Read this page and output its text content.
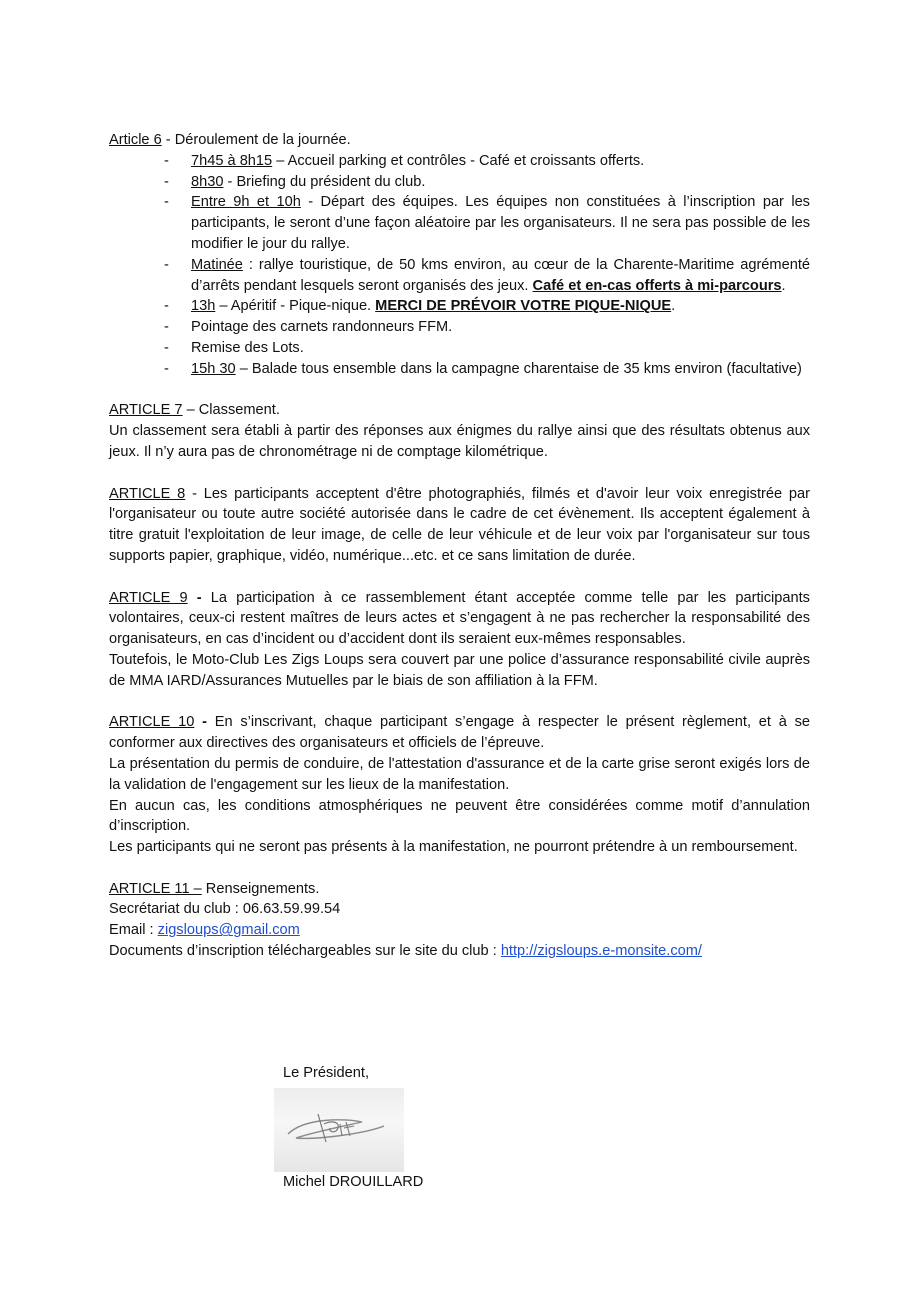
Article 6 - Déroulement de la journée.

- 7h45 à 8h15 – Accueil parking et contrôles - Café et croissants offerts.
- 8h30 - Briefing du président du club.
- Entre 9h et 10h - Départ des équipes. Les équipes non constituées à l’inscription par les participants, le seront d’une façon aléatoire par les organisateurs. Il ne sera pas possible de les modifier le jour du rallye.
- Matinée : rallye touristique, de 50 kms environ, au cœur de la Charente-Maritime agrémenté d’arrêts pendant lesquels seront organisés des jeux. Café et en-cas offerts à mi-parcours.
- 13h – Apéritif - Pique-nique. MERCI DE PRÉVOIR VOTRE PIQUE-NIQUE.
- Pointage des carnets randonneurs FFM.
- Remise des Lots.
- 15h 30 – Balade tous ensemble dans la campagne charentaise de 35 kms environ (facultative)

ARTICLE 7 – Classement.

Un classement sera établi à partir des réponses aux énigmes du rallye ainsi que des résultats obtenus aux jeux. Il n’y aura pas de chronométrage ni de comptage kilométrique.

ARTICLE 8 - Les participants acceptent d'être photographiés, filmés et d'avoir leur voix enregistrée par l'organisateur ou toute autre société autorisée dans le cadre de cet évènement. Ils acceptent également à titre gratuit l'exploitation de leur image, de celle de leur véhicule et de leur voix par l'organisateur sur tous supports papier, graphique, vidéo, numérique...etc. et ce sans limitation de durée.

ARTICLE 9 - La participation à ce rassemblement étant acceptée comme telle par les participants volontaires, ceux-ci restent maîtres de leurs actes et s’engagent à ne pas rechercher la responsabilité des organisateurs, en cas d’incident ou d’accident dont ils seraient eux-mêmes responsables.

Toutefois, le Moto-Club Les Zigs Loups sera couvert par une police d’assurance responsabilité civile auprès de MMA IARD/Assurances Mutuelles par le biais de son affiliation à la FFM.

ARTICLE 10 - En s’inscrivant, chaque participant s’engage à respecter le présent règlement, et à se conformer aux directives des organisateurs et officiels de l’épreuve.

La présentation du permis de conduire, de l'attestation d'assurance et de la carte grise seront exigés lors de la validation de l'engagement sur les lieux de la manifestation.

En aucun cas, les conditions atmosphériques ne peuvent être considérées comme motif d’annulation d’inscription.

Les participants qui ne seront pas présents à la manifestation, ne pourront prétendre à un remboursement.

ARTICLE 11 – Renseignements.

Secrétariat du club : 06.63.59.99.54

Email : zigsloups@gmail.com

Documents d’inscription téléchargeables sur le site du club : http://zigsloups.e-monsite.com/

Le Président,
Michel DROUILLARD
